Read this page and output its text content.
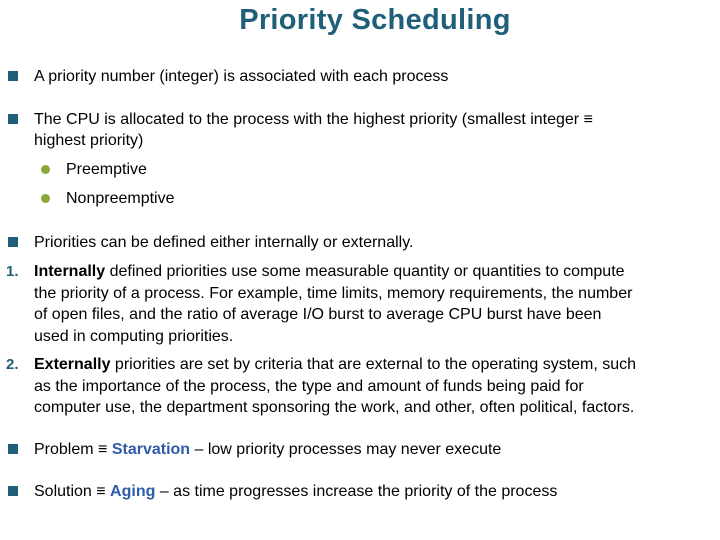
Priority Scheduling
A priority number (integer) is associated with each process
The CPU is allocated to the process with the highest priority (smallest integer ≡
highest priority)
Preemptive
Nonpreemptive
Priorities can be defined either internally or externally.
1. Internally defined priorities use some measurable quantity or quantities to compute
the priority of a process. For example, time limits, memory requirements, the number
of open files, and the ratio of average I/O burst to average CPU burst have been
used in computing priorities.
2. Externally priorities are set by criteria that are external to the operating system, such
as the importance of the process, the type and amount of funds being paid for
computer use, the department sponsoring the work, and other, often political, factors.
Problem ≡ Starvation – low priority processes may never execute
Solution ≡ Aging – as time progresses increase the priority of the process
